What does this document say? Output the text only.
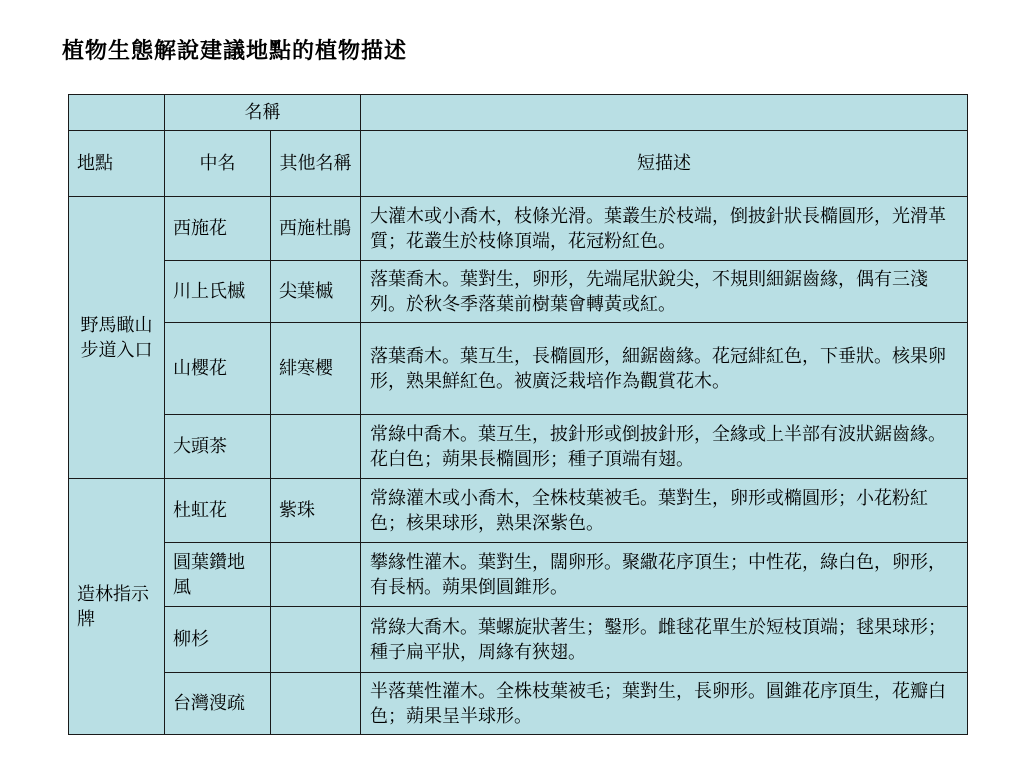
植物生態解說建議地點的植物描述
	名稱		
地點	中名	其他名稱	短描述
野馬瞰山步道入口	西施花	西施杜鵑	大灌木或小喬木，枝條光滑。葉叢生於枝端，倒披針狀長橢圓形，光滑革質；花叢生於枝條頂端，花冠粉紅色。
	川上氏槭	尖葉槭	落葉喬木。葉對生，卵形，先端尾狀銳尖，不規則細鋸齒緣，偶有三淺列。於秋冬季落葉前樹葉會轉黃或紅。
	山櫻花	緋寒櫻	落葉喬木。葉互生，長橢圓形，細鋸齒緣。花冠緋紅色，下垂狀。核果卵形，熟果鮮紅色。被廣泛栽培作為觀賞花木。
	大頭茶		常綠中喬木。葉互生，披針形或倒披針形，全緣或上半部有波狀鋸齒緣。花白色；蒴果長橢圓形；種子頂端有翅。
造林指示牌	杜虹花	紫珠	常綠灌木或小喬木，全株枝葉被毛。葉對生，卵形或橢圓形；小花粉紅色；核果球形，熟果深紫色。
	圓葉鑽地風		攀緣性灌木。葉對生，闊卵形。聚繖花序頂生；中性花，綠白色，卵形，有長柄。蒴果倒圓錐形。
	柳杉		常綠大喬木。葉螺旋狀著生；鑿形。雌毬花單生於短枝頂端；毬果球形；種子扁平狀，周緣有狹翅。
	台灣溲疏		半落葉性灌木。全株枝葉被毛；葉對生，長卵形。圓錐花序頂生，花瓣白色；蒴果呈半球形。
